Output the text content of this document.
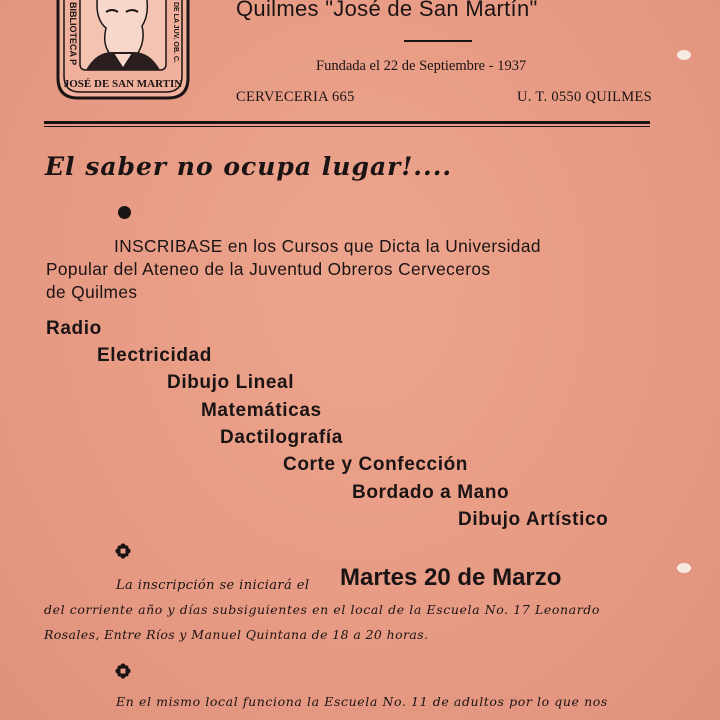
BIBLIOTECA P	DE LA JUV. OB. C.
JOSÉ DE SAN MARTIN
Quilmes "José de San Martín"
Fundada el 22 de Septiembre - 1937
CERVECERIA 665	U. T. 0550 QUILMES
El saber no ocupa lugar!....
INSCRIBASE en los Cursos que Dicta la Universidad
Popular del Ateneo de la Juventud Obreros Cerveceros
de Quilmes
Radio
Electricidad
Dibujo Lineal
Matemáticas
Dactilografía
Corte y Confección
Bordado a Mano
Dibujo Artístico
La inscripción se iniciará el Martes 20 de Marzo
del corriente año y días subsiguientes en el local de la Escuela No. 17 Leonardo
Rosales, Entre Ríos y Manuel Quintana de 18 a 20 horas.
En el mismo local funciona la Escuela No. 11 de adultos por lo que nos
